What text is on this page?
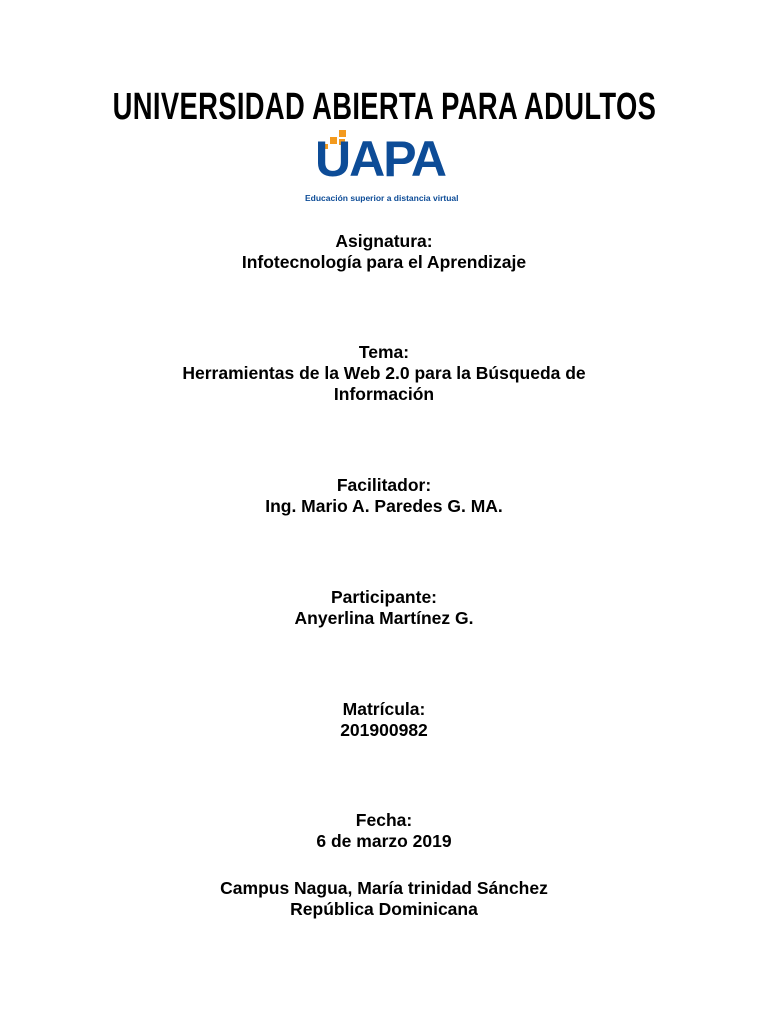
UNIVERSIDAD ABIERTA PARA ADULTOS
UAPA
Educación superior a distancia virtual
Asignatura:
Infotecnología para el Aprendizaje
Tema:
Herramientas de la Web 2.0 para la Búsqueda de
Información
Facilitador:
Ing. Mario A. Paredes G. MA.
Participante:
Anyerlina Martínez G.
Matrícula:
201900982
Fecha:
6 de marzo 2019
Campus Nagua, María trinidad Sánchez
República Dominicana
